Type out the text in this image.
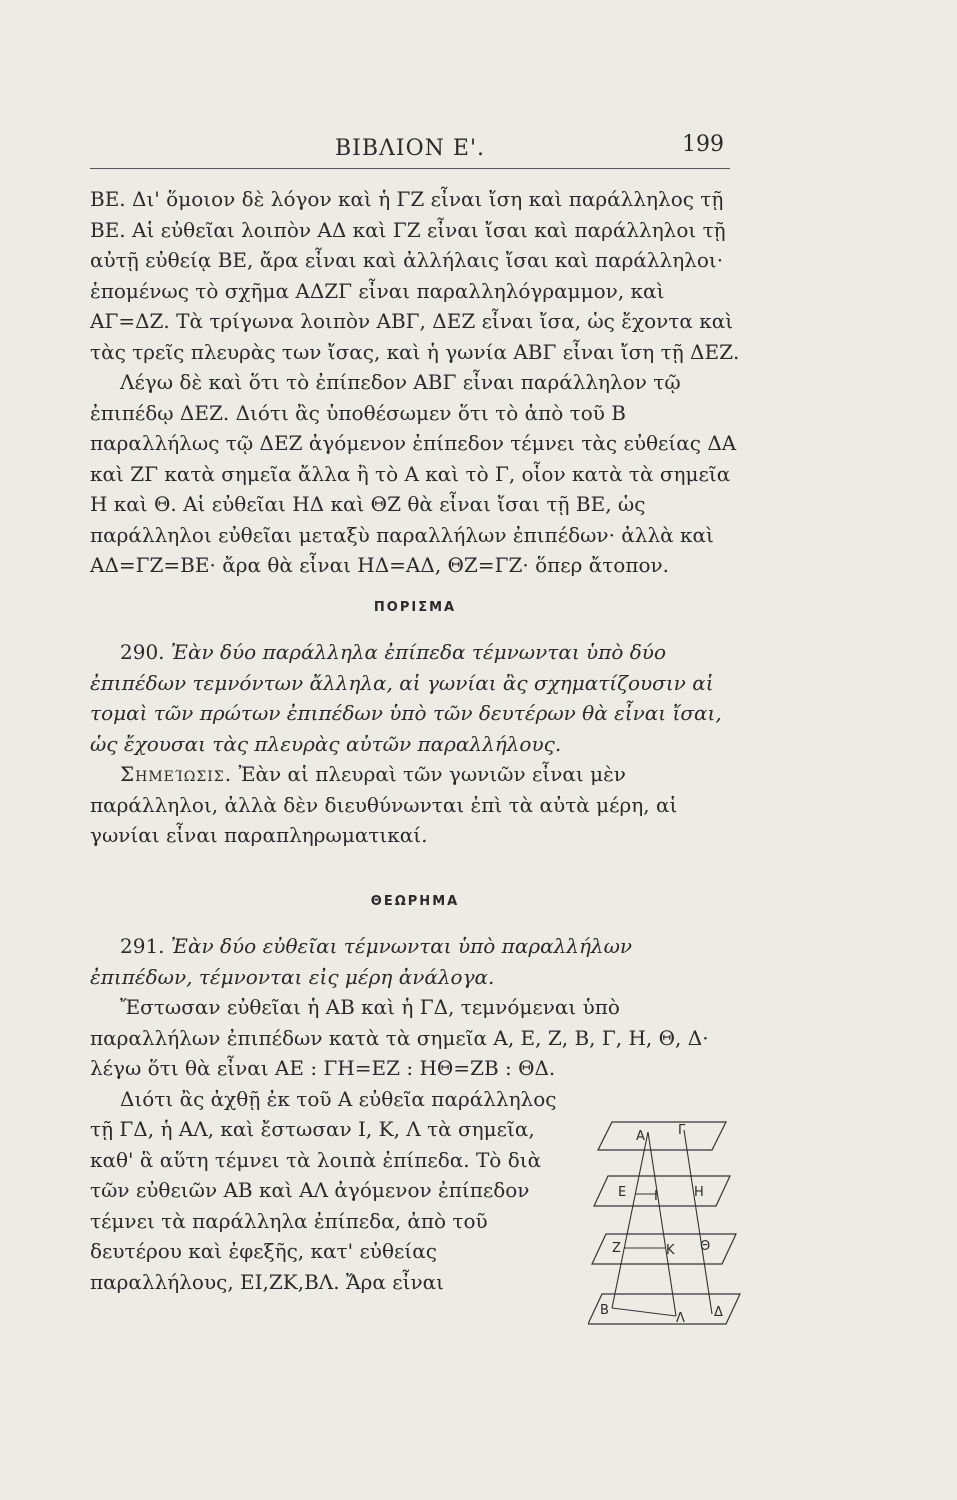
ΒΙΒΛΙΟΝ Ε'.	199

ΒΕ. Δι' ὅμοιον δὲ λόγον καὶ ἡ ΓΖ εἶναι ἴση καὶ παράλληλος τῇ ΒΕ. Αἱ εὐθεῖαι λοιπὸν ΑΔ καὶ ΓΖ εἶναι ἴσαι καὶ παράλληλοι τῇ αὐτῇ εὐθείᾳ ΒΕ, ἄρα εἶναι καὶ ἀλλήλαις ἴσαι καὶ παράλληλοι· ἑπομένως τὸ σχῆμα ΑΔΖΓ εἶναι παραλληλόγραμμον, καὶ ΑΓ=ΔΖ. Τὰ τρίγωνα λοιπὸν ΑΒΓ, ΔΕΖ εἶναι ἴσα, ὡς ἔχοντα καὶ τὰς τρεῖς πλευρὰς των ἴσας, καὶ ἡ γωνία ΑΒΓ εἶναι ἴση τῇ ΔΕΖ.

Λέγω δὲ καὶ ὅτι τὸ ἐπίπεδον ΑΒΓ εἶναι παράλληλον τῷ ἐπιπέδῳ ΔΕΖ. Διότι ἂς ὑποθέσωμεν ὅτι τὸ ἀπὸ τοῦ Β παραλλήλως τῷ ΔΕΖ ἀγόμενον ἐπίπεδον τέμνει τὰς εὐθείας ΔΑ καὶ ΖΓ κατὰ σημεῖα ἄλλα ἢ τὸ Α καὶ τὸ Γ, οἷον κατὰ τὰ σημεῖα Η καὶ Θ. Αἱ εὐθεῖαι ΗΔ καὶ ΘΖ θὰ εἶναι ἴσαι τῇ ΒΕ, ὡς παράλληλοι εὐθεῖαι μεταξὺ παραλλήλων ἐπιπέδων· ἀλλὰ καὶ ΑΔ=ΓΖ=ΒΕ· ἄρα θὰ εἶναι ΗΔ=ΑΔ, ΘΖ=ΓΖ· ὅπερ ἄτοπον.

ΠΟΡΙΣΜΑ

290. Ἐὰν δύο παράλληλα ἐπίπεδα τέμνωνται ὑπὸ δύο ἐπιπέδων τεμνόντων ἄλληλα, αἱ γωνίαι ἂς σχηματίζουσιν αἱ τομαὶ τῶν πρώτων ἐπιπέδων ὑπὸ τῶν δευτέρων θὰ εἶναι ἴσαι, ὡς ἔχουσαι τὰς πλευρὰς αὐτῶν παραλλήλους.

Σημείωσις. Ἐὰν αἱ πλευραὶ τῶν γωνιῶν εἶναι μὲν παράλληλοι, ἀλλὰ δὲν διευθύνωνται ἐπὶ τὰ αὐτὰ μέρη, αἱ γωνίαι εἶναι παραπληρωματικαί.

ΘΕΩΡΗΜΑ

291. Ἐὰν δύο εὐθεῖαι τέμνωνται ὑπὸ παραλλήλων ἐπιπέδων, τέμνονται εἰς μέρη ἀνάλογα.

Ἔστωσαν εὐθεῖαι ἡ ΑΒ καὶ ἡ ΓΔ, τεμνόμεναι ὑπὸ παραλλήλων ἐπιπέδων κατὰ τὰ σημεῖα Α, Ε, Ζ, Β, Γ, Η, Θ, Δ· λέγω ὅτι θὰ εἶναι ΑΕ : ΓΗ=ΕΖ : ΗΘ=ΖΒ : ΘΔ.

Διότι ἂς ἀχθῇ ἐκ τοῦ Α εὐθεῖα παράλληλος τῇ ΓΔ, ἡ ΑΛ, καὶ ἔστωσαν Ι, Κ, Λ τὰ σημεῖα, καθ' ἃ αὕτη τέμνει τὰ λοιπὰ ἐπίπεδα. Τὸ διὰ τῶν εὐθειῶν ΑΒ καὶ ΑΛ ἀγόμενον ἐπίπεδον τέμνει τὰ παράλληλα ἐπίπεδα, ἀπὸ τοῦ δευτέρου καὶ ἐφεξῆς, κατ' εὐθείας παραλλήλους, ΕΙ,ΖΚ,ΒΛ. Ἄρα εἶναι

Α	Γ
Ε Ι	Η
Ζ	Κ Θ
Β
Λ Δ
